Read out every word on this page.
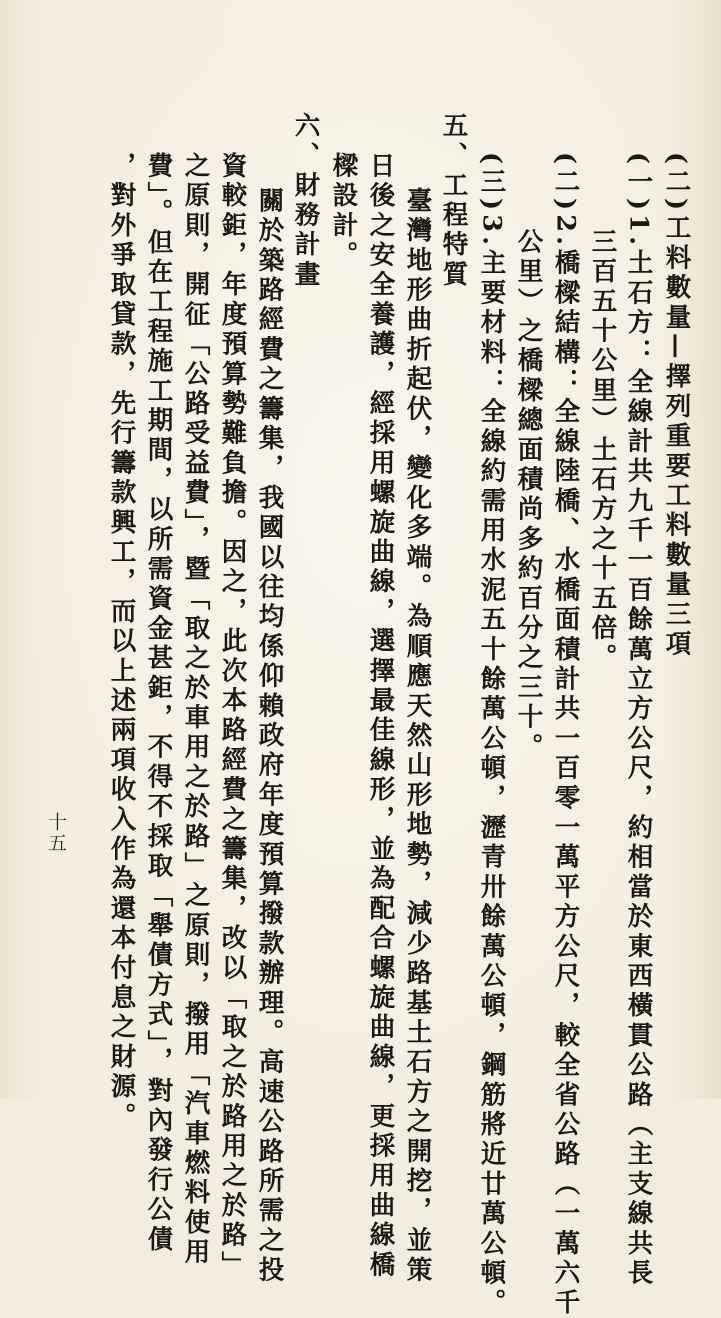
(二)工料數量—擇列重要工料數量三項
(一)1.土石方：全線計共九千一百餘萬立方公尺，約相當於東西橫貫公路（主支線共長
三百五十公里）土石方之十五倍。
(二)2.橋樑結構：全線陸橋、水橋面積計共一百零一萬平方公尺，較全省公路（一萬六千
公里）之橋樑總面積尚多約百分之三十。
(三)3.主要材料：全線約需用水泥五十餘萬公頓，瀝青卅餘萬公頓，鋼筋將近廿萬公頓。
五、工程特質
臺灣地形曲折起伏，變化多端。為順應天然山形地勢，減少路基土石方之開挖，並策
日後之安全養護，經採用螺旋曲線，選擇最佳線形，並為配合螺旋曲線，更採用曲線橋
樑設計。
六、財務計畫
關於築路經費之籌集，我國以往均係仰賴政府年度預算撥款辦理。高速公路所需之投
資較鉅，年度預算勢難負擔。因之，此次本路經費之籌集，改以「取之於路用之於路」
之原則，開征「公路受益費」，暨「取之於車用之於路」之原則，撥用「汽車燃料使用
費」。但在工程施工期間，以所需資金甚鉅，不得不採取「舉債方式」，對內發行公債
，對外爭取貸款，先行籌款興工，而以上述兩項收入作為還本付息之財源。
十五
